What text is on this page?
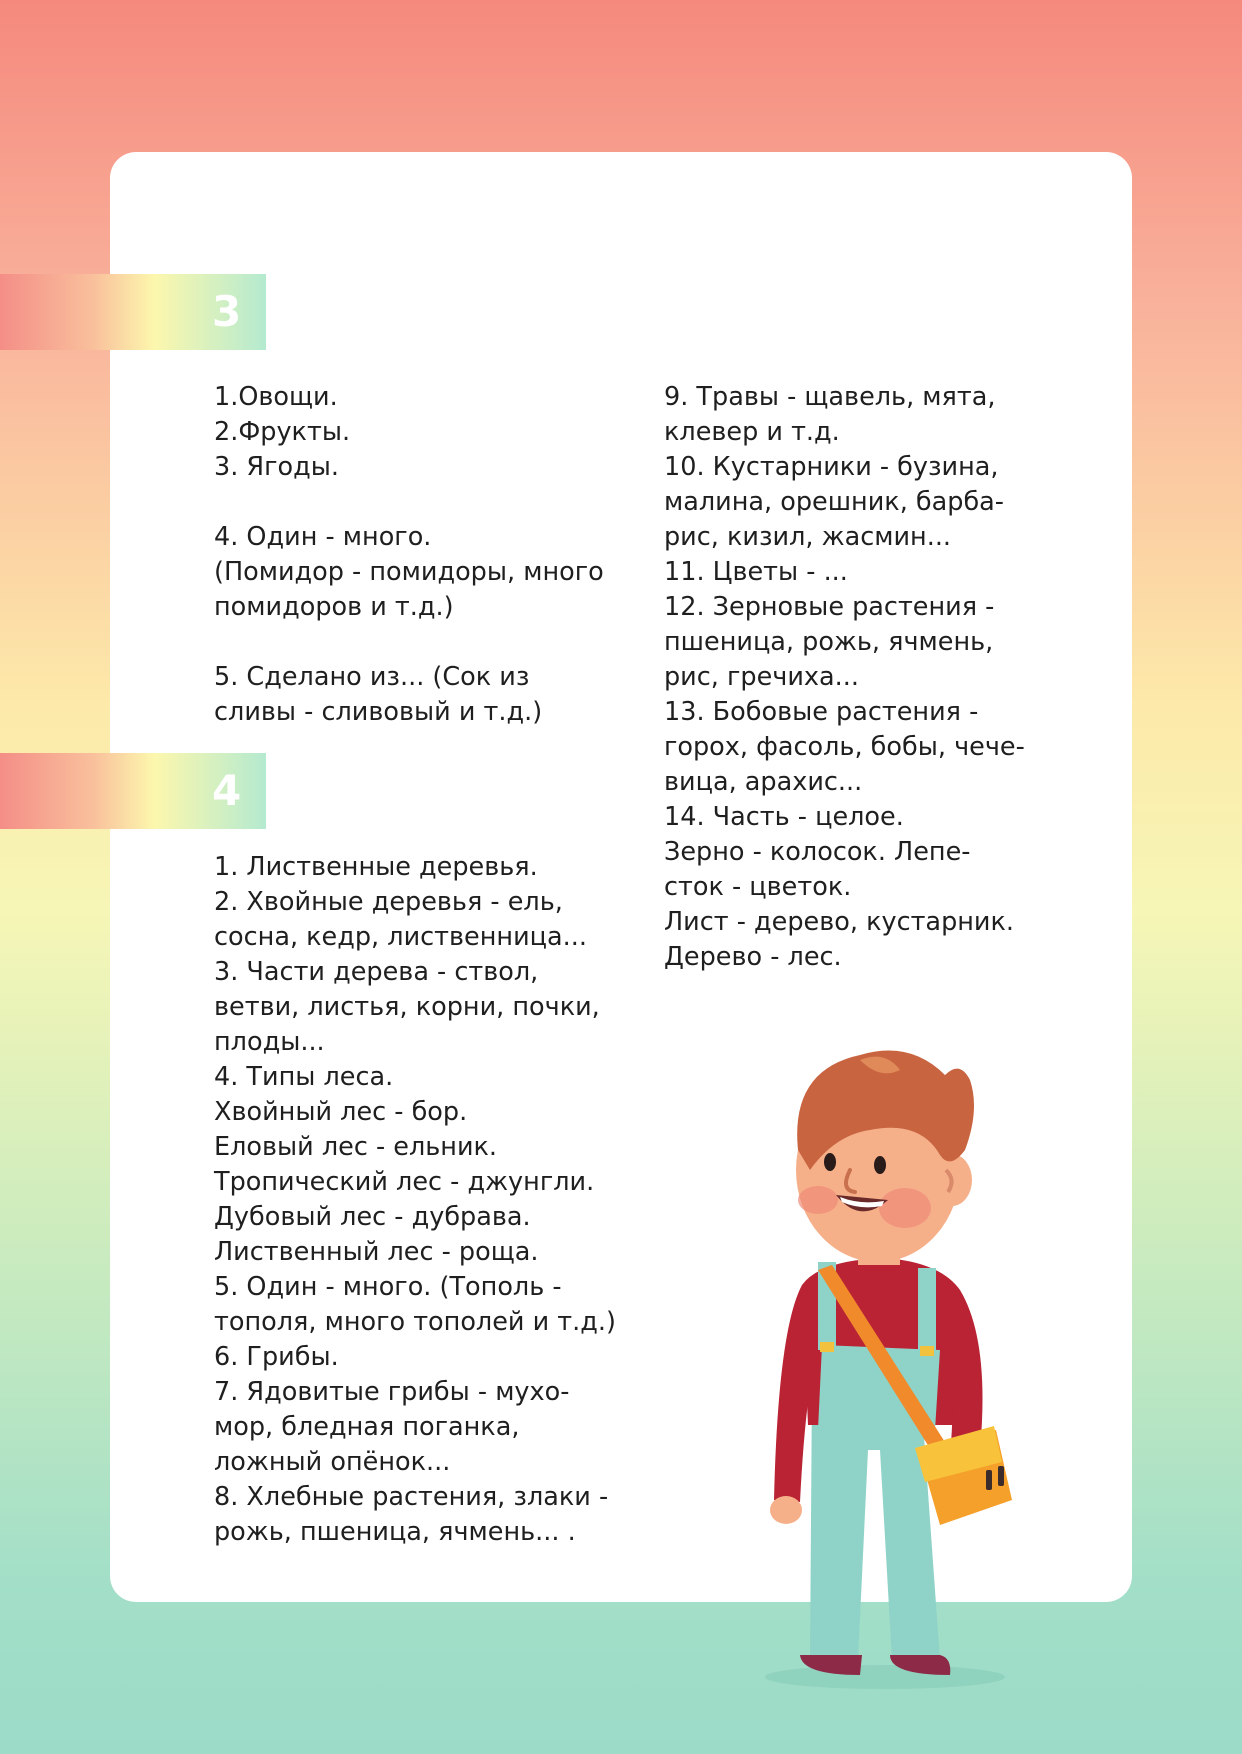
3
4
1.Овощи.
2.Фрукты.
3. Ягоды.
4. Один - много.
(Помидор - помидоры, много
помидоров и т.д.)
5. Сделано из... (Сок из
сливы - сливовый и т.д.)
1. Лиственные деревья.
2. Хвойные деревья - ель,
сосна, кедр, лиственница...
3. Части дерева - ствол,
ветви, листья, корни, почки,
плоды...
4. Типы леса.
Хвойный лес - бор.
Еловый лес - ельник.
Тропический лес - джунгли.
Дубовый лес - дубрава.
Лиственный лес - роща.
5. Один - много. (Тополь -
тополя, много тополей и т.д.)
6. Грибы.
7. Ядовитые грибы - мухо-
мор, бледная поганка,
ложный опёнок...
8. Хлебные растения, злаки -
рожь, пшеница, ячмень... .
9. Травы - щавель, мята,
клевер и т.д.
10. Кустарники - бузина,
малина, орешник, барба-
рис, кизил, жасмин...
11. Цветы - ...
12. Зерновые растения -
пшеница, рожь, ячмень,
рис, гречиха...
13. Бобовые растения -
горох, фасоль, бобы, чече-
вица, арахис...
14. Часть - целое.
Зерно - колосок. Лепе-
сток - цветок.
Лист - дерево, кустарник.
Дерево - лес.
